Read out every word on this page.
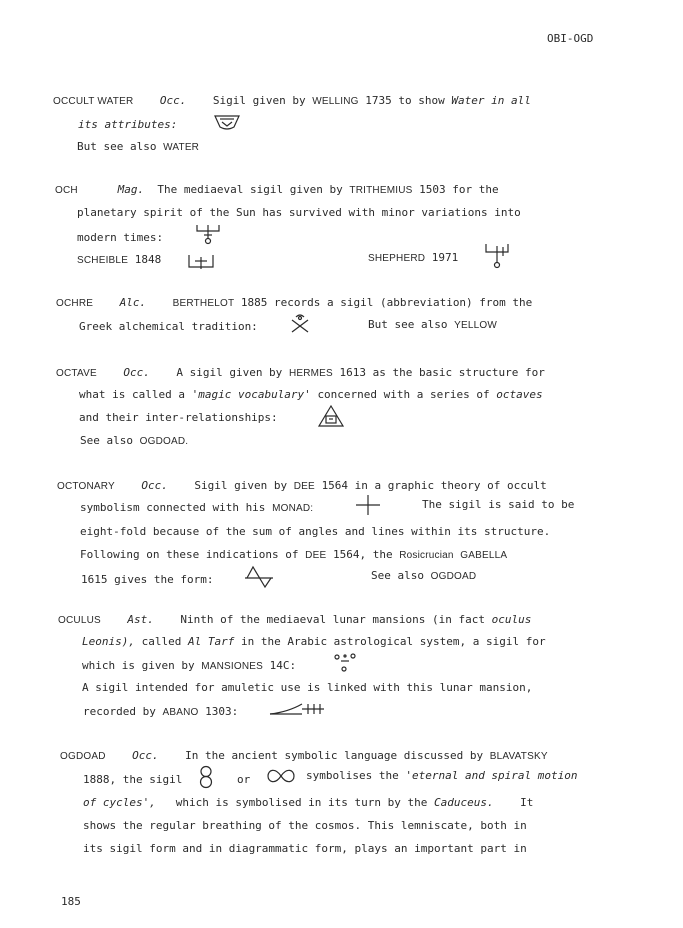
OBI-OGD
185
OCCULT WATER Occ. Sigil given by WELLING 1735 to show Water in all
its attributes:
But see also WATER
OCH	Mag. The mediaeval sigil given by TRITHEMIUS 1503 for the
planetary spirit of the Sun has survived with minor variations into
modern times:
SCHEIBLE 1848	SHEPHERD 1971
OCHRE Alc.	BERTHELOT 1885 records a sigil (abbreviation) from the
Greek alchemical tradition:	But see also YELLOW
OCTAVE Occ. A sigil given by HERMES 1613 as the basic structure for
what is called a 'magic vocabulary' concerned with a series of octaves
and their inter-relationships:
See also OGDOAD.
OCTONARY Occ. Sigil given by DEE 1564 in a graphic theory of occult
symbolism connected with his MONAD:	The sigil is said to be
eight-fold because of the sum of angles and lines within its structure.
Following on these indications of DEE 1564, the Rosicrucian GABELLA
1615 gives the form:	See also OGDOAD
OCULUS Ast. Ninth of the mediaeval lunar mansions (in fact oculus
Leonis), called Al Tarf in the Arabic astrological system, a sigil for
which is given by MANSIONES 14C:
A sigil intended for amuletic use is linked with this lunar mansion,
recorded by ABANO 1303:
OGDOAD Occ. In the ancient symbolic language discussed by BLAVATSKY
1888, the sigil	or	symbolises the 'eternal and spiral motion
of cycles', which is symbolised in its turn by the Caduceus. It
shows the regular breathing of the cosmos. This lemniscate, both in
its sigil form and in diagrammatic form, plays an important part in
